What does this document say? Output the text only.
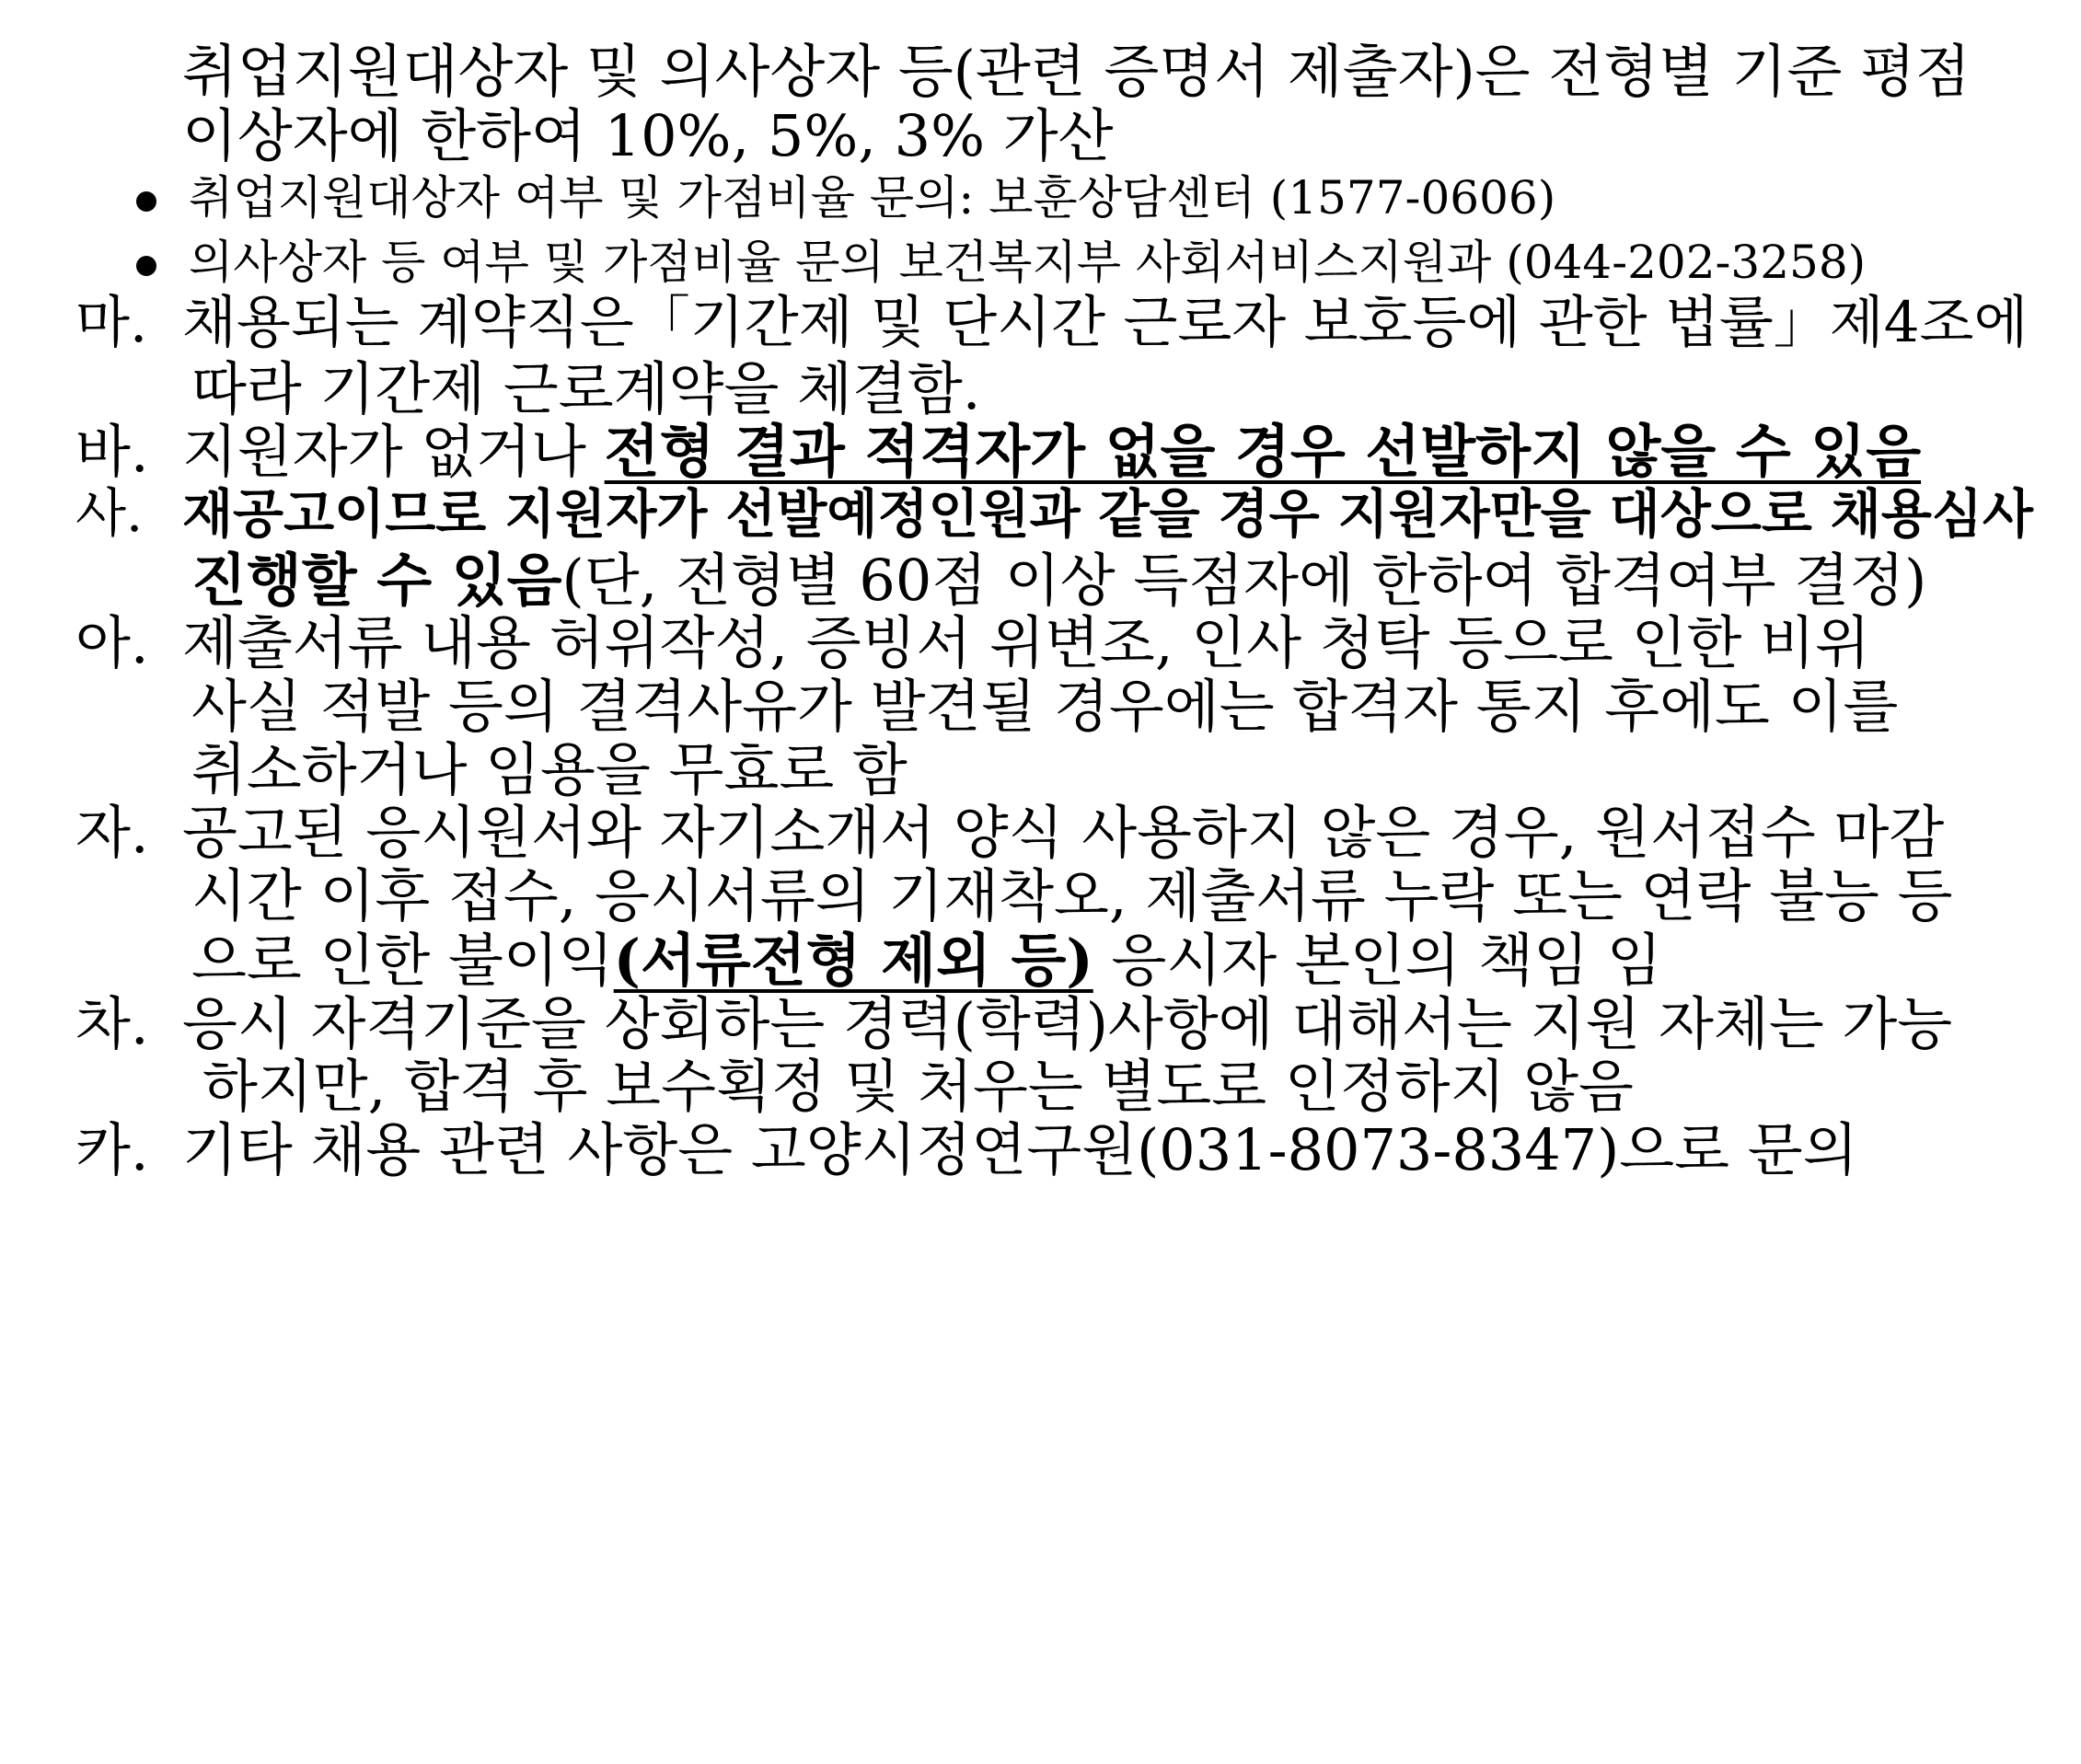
취업지원대상자 및 의사상자 등(관련 증명서 제출자)은 전형별 기준 평점
이상자에 한하여 10%, 5%, 3% 가산
취업지원대상자 여부 및 가점비율 문의: 보훈상담센터 (1577-0606)
의사상자 등 여부 및 가점비율 문의 보건복지부 사회서비스지원과 (044-202-3258)
마. 채용되는 계약직은「기간제 및 단시간 근로자 보호등에 관한 법률」제4조에
따라 기간제 근로계약을 체결함.
바. 지원자가 없거나 전형 결과 적격자가 없을 경우 선발하지 않을 수 있음
사. 재공고이므로 지원자가 선발예정인원과 같을 경우 지원자만을 대상으로 채용심사
진행할 수 있음(단, 전형별 60점 이상 득점자에 한하여 합격여부 결정)
아. 제출서류 내용 허위작성, 증빙서 위변조, 인사 청탁 등으로 인한 비위
사실 적발 등의 결격사유가 발견될 경우에는 합격자 통지 후에도 이를
취소하거나 임용을 무효로 함
자. 공고된 응시원서와 자기소개서 양식 사용하지 않은 경우, 원서접수 마감
시간 이후 접수, 응시서류의 기재착오, 제출서류 누락 또는 연락 불능 등
으로 인한 불이익(서류전형 제외 등) 응시자 본인의 책임 임
차. 응시 자격기준을 상회하는 경력(학력)사항에 대해서는 지원 자체는 가능
하지만, 합격 후 보수획정 및 처우는 별도로 인정하지 않음
카. 기타 채용 관련 사항은 고양시정연구원(031-8073-8347)으로 문의
